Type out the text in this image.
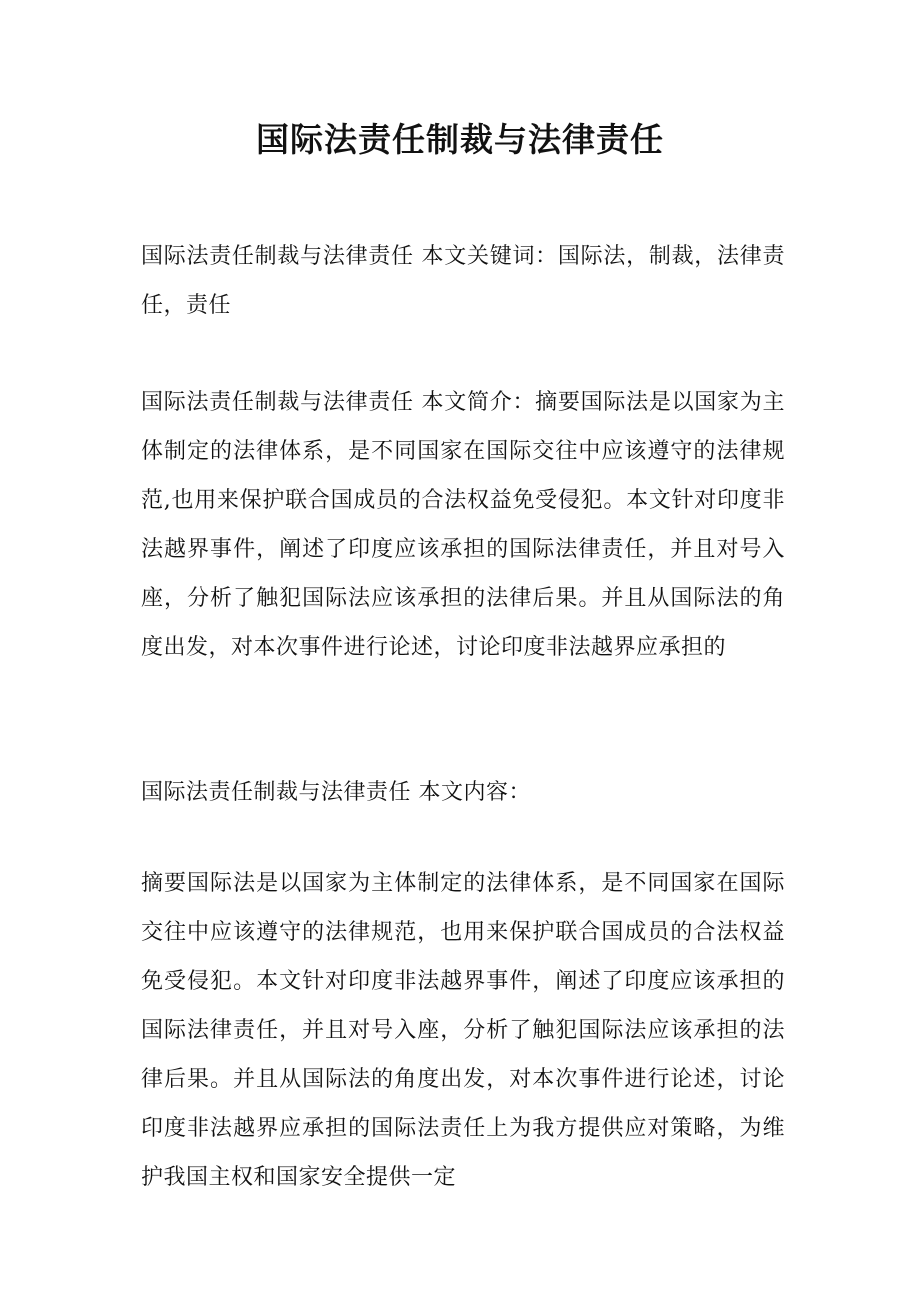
国际法责任制裁与法律责任

国际法责任制裁与法律责任 本文关键词：国际法，制裁，法律责任，责任

国际法责任制裁与法律责任 本文简介：摘要国际法是以国家为主体制定的法律体系，是不同国家在国际交往中应该遵守的法律规范,也用来保护联合国成员的合法权益免受侵犯。本文针对印度非法越界事件，阐述了印度应该承担的国际法律责任，并且对号入座，分析了触犯国际法应该承担的法律后果。并且从国际法的角度出发，对本次事件进行论述，讨论印度非法越界应承担的

国际法责任制裁与法律责任 本文内容：

摘要国际法是以国家为主体制定的法律体系，是不同国家在国际交往中应该遵守的法律规范，也用来保护联合国成员的合法权益免受侵犯。本文针对印度非法越界事件，阐述了印度应该承担的国际法律责任，并且对号入座，分析了触犯国际法应该承担的法律后果。并且从国际法的角度出发，对本次事件进行论述，讨论印度非法越界应承担的国际法责任上为我方提供应对策略，为维护我国主权和国家安全提供一定
